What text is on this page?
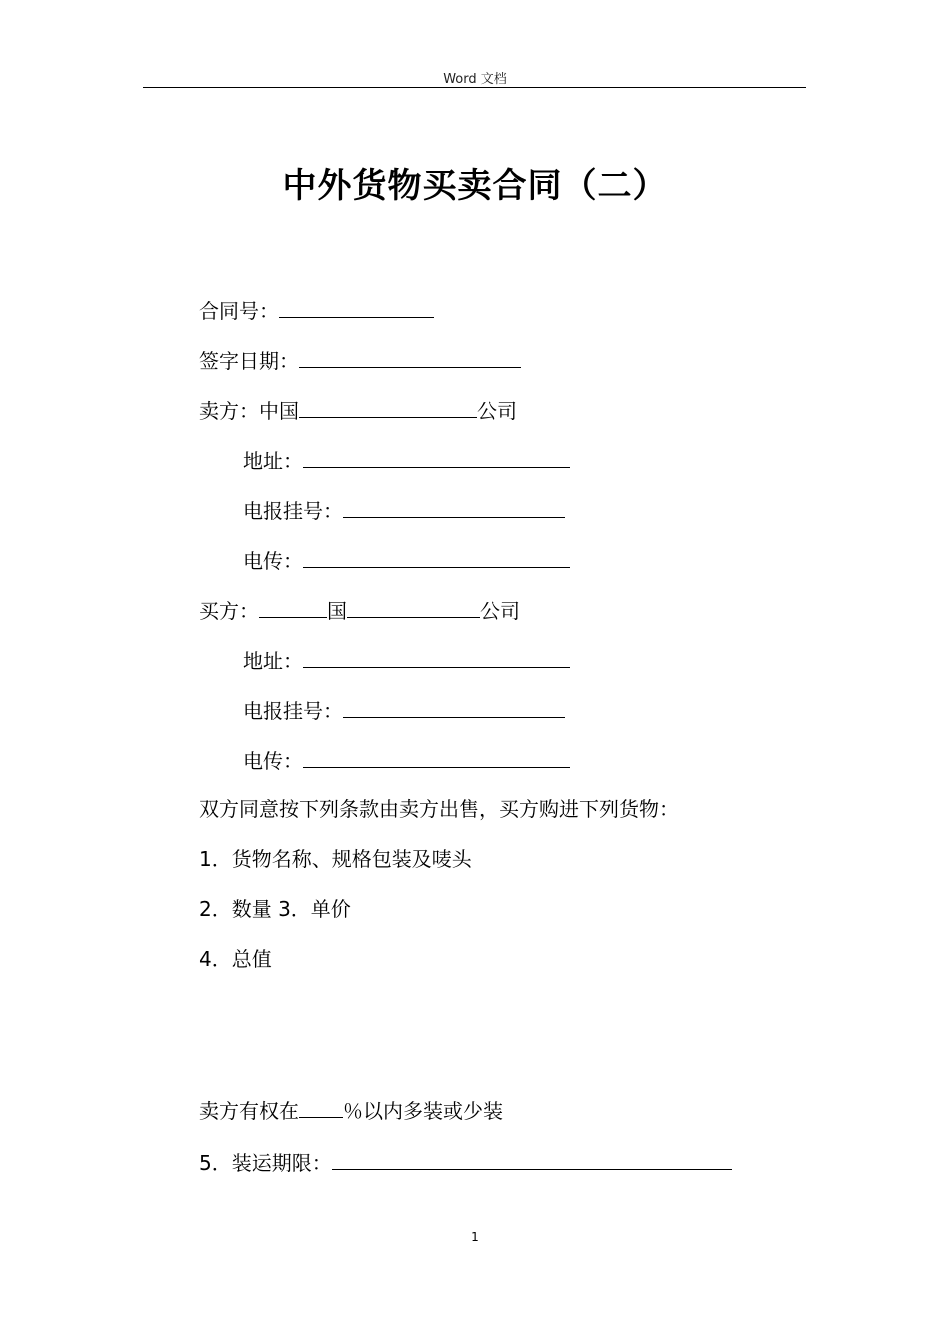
Word 文档
中外货物买卖合同（二）
合同号：
签字日期：
卖方：中国	公司
地址：
电报挂号：
电传：
买方：	国	公司
地址：
电报挂号：
电传：
双方同意按下列条款由卖方出售，买方购进下列货物：
1．货物名称、规格包装及唛头
2．数量 3．单价
4．总值
卖方有权在 ％以内多装或少装
5．装运期限：
1
